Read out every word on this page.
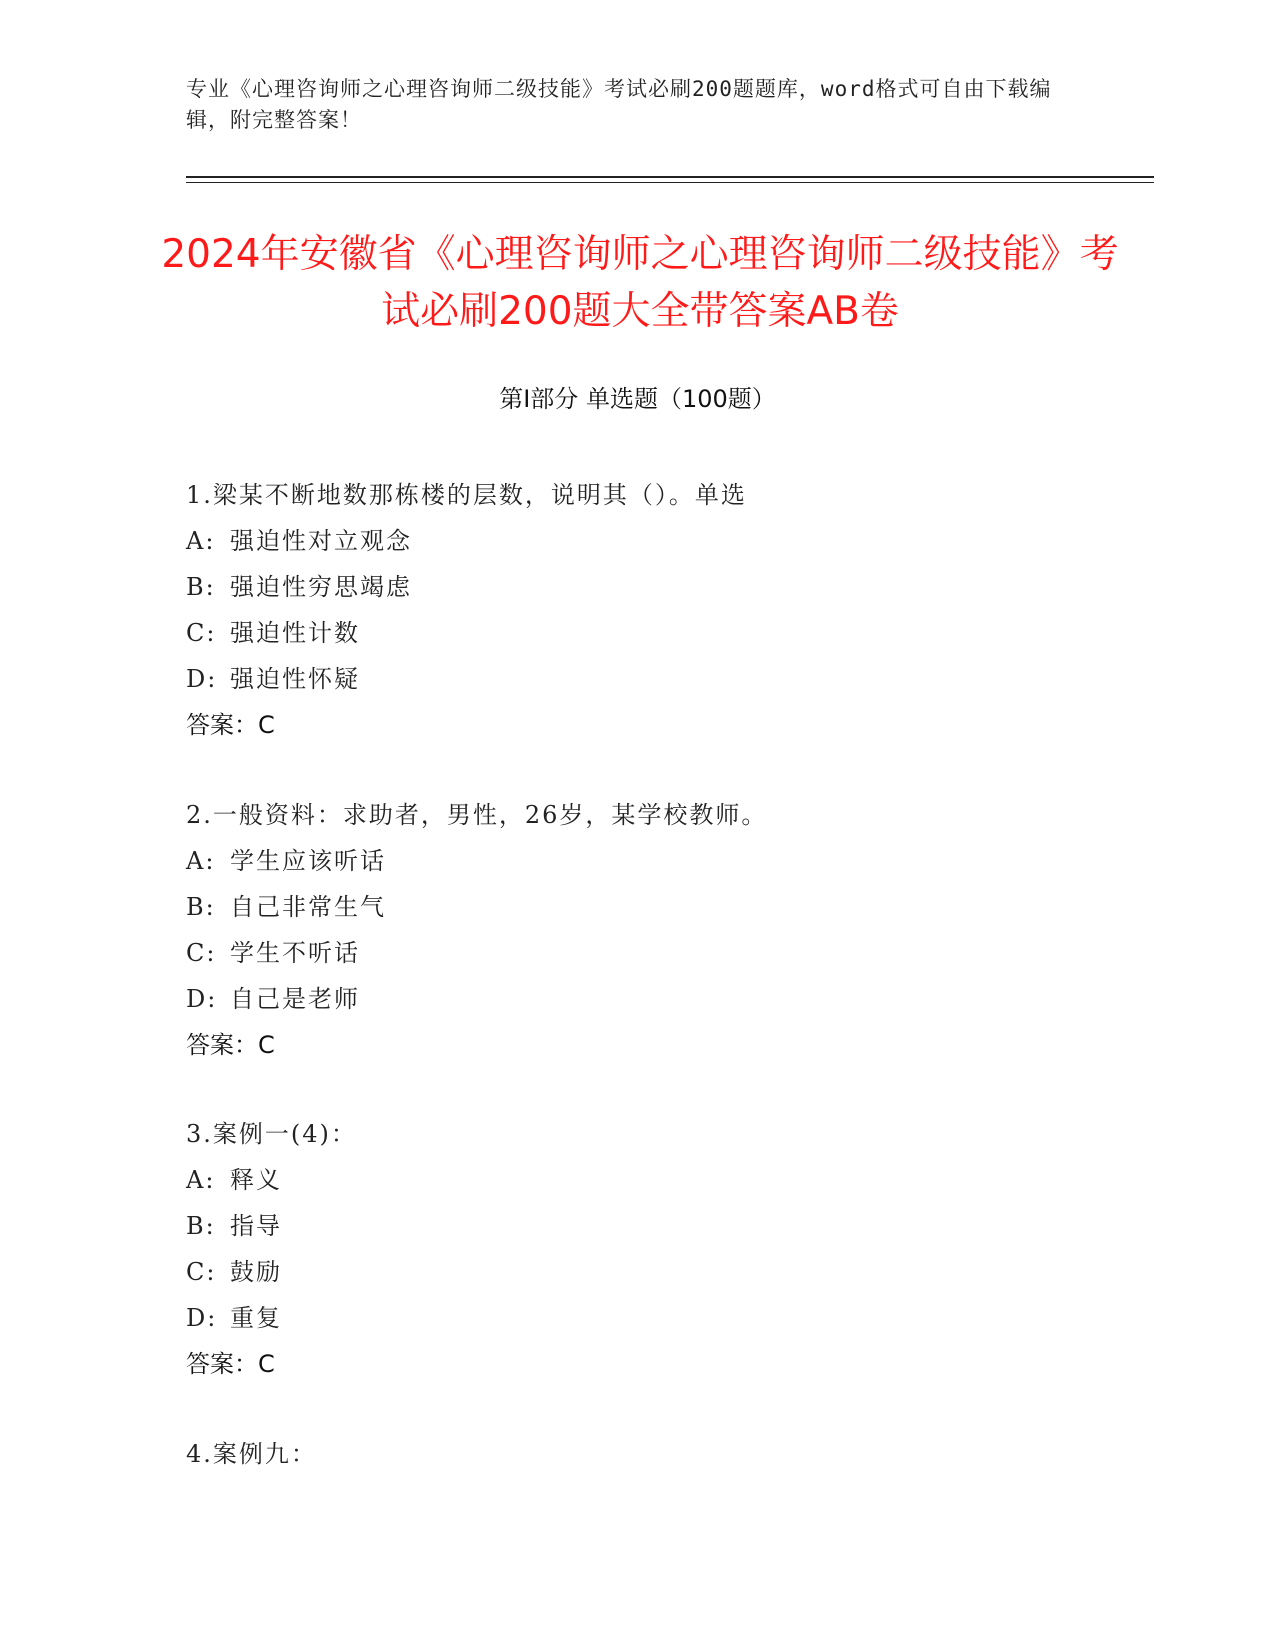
专业《心理咨询师之心理咨询师二级技能》考试必刷200题题库，word格式可自由下载编辑，附完整答案！
2024年安徽省《心理咨询师之心理咨询师二级技能》考试必刷200题大全带答案AB卷
第I部分 单选题（100题）
1.梁某不断地数那栋楼的层数，说明其（）。单选
A: 强迫性对立观念
B: 强迫性穷思竭虑
C: 强迫性计数
D: 强迫性怀疑
答案：C
2.一般资料：求助者，男性，26岁，某学校教师。
A: 学生应该听话
B: 自己非常生气
C: 学生不听话
D: 自己是老师
答案：C
3.案例一(4)：
A: 释义
B: 指导
C: 鼓励
D: 重复
答案：C
4.案例九：
